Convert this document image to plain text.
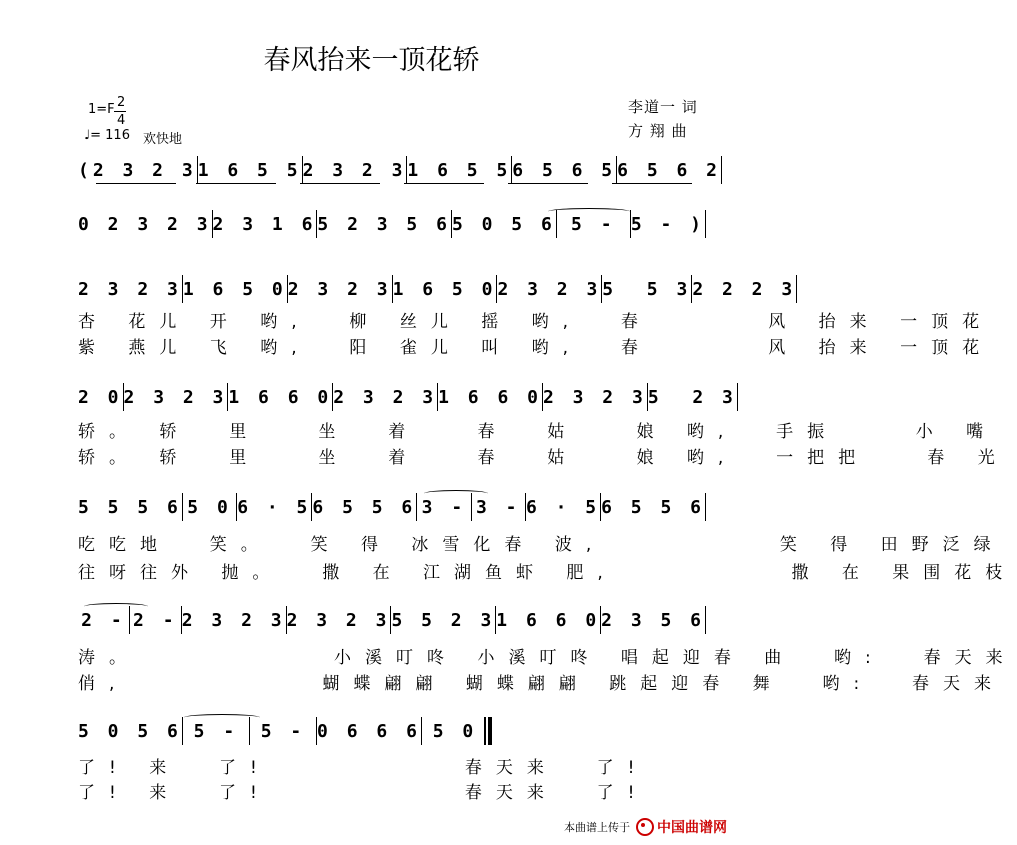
春风抬来一顶花轿
1=F 2
4
♩= 116 欢快地
李道一 词
方 翔 曲
(2 3 2 3 1 6 5 5 2 3 2 3 1 6 5 5 6 5 6 5 6 5 6 2
0 2 3 2 3 2 3 1 6 5 2 3 5 6 5 0 5 6 5 - 5 - )
2 3 2 3 1 6 5 0 2 3 2 3 1 6 5 0 2 3 2 3 5  5 3 2 2 2 3
杏 花儿 开 哟,  柳 丝儿 摇 哟,  春      风 抬来 一顶花
紫 燕儿 飞 哟,  阳 雀儿 叫 哟,  春      风 抬来 一顶花
2 0 2 3 2 3 1 6 6 0 2 3 2 3 1 6 6 0 2 3 2 3 5  2 3
轿。 轿  里   坐  着   春  姑   娘 哟,  手振    小 嘴
轿。 轿  里   坐  着   春  姑   娘 哟,  一把把   春 光
5 5 5 6 5 0 6 · 5 6 5 5 6 3 - 3 - 6 · 5 6 5 5 6
吃吃地  笑。  笑 得 冰雪化春 波,         笑 得 田野泛绿
往呀往外 抛。  撒 在 江湖鱼虾 肥,         撒 在 果围花枝
2 - 2 - 2 3 2 3 2 3 2 3 5 5 2 3 1 6 6 0 2 3 5 6
涛。          小溪叮咚 小溪叮咚 唱起迎春 曲  哟:  春天来
俏,          蝴蝶翩翩 蝴蝶翩翩 跳起迎春 舞  哟:  春天来
5 0 5 6 5 -	5 - 0 6 6 6 5 0
了! 来  了!          春天来  了!
了! 来  了!          春天来  了!
本曲谱上传于 中国曲谱网
